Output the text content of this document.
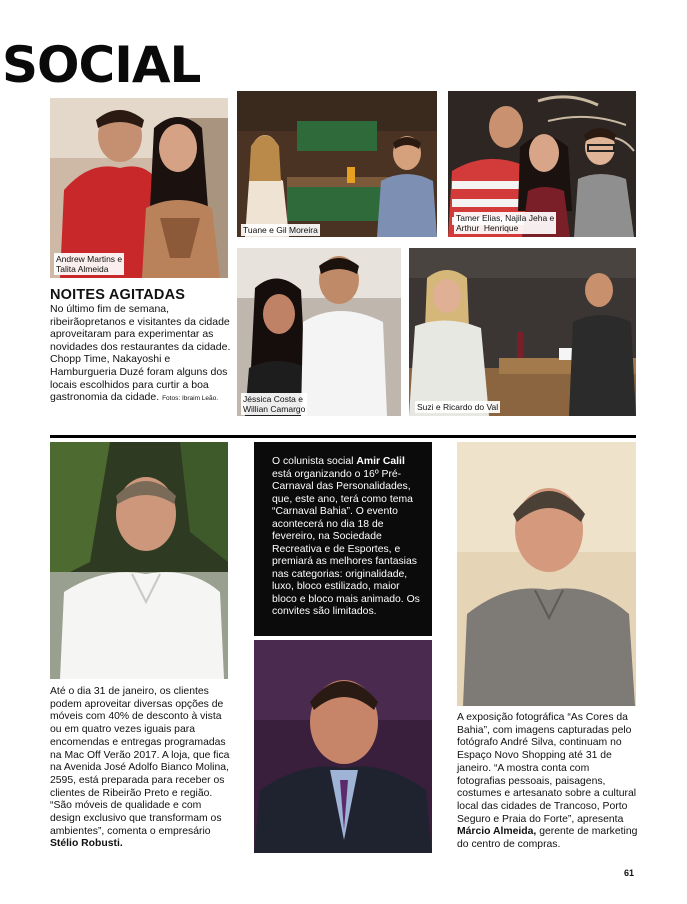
SOCIAL
Andrew Martins e
Talita Almeida
Tuane e Gil Moreira
Tamer Elias, Najila Jeha e
Arthur  Henrique
Jéssica Costa e
Willian Camargo	Suzi e Ricardo do Val
NOITES AGITADAS
No último fim de semana, ribeirãopretanos e visitantes da cidade aproveitaram para experimentar as novidades dos restaurantes da cidade. Chopp Time, Nakayoshi e Hamburgueria Duzé foram alguns dos locais escolhidos para curtir a boa gastronomia da cidade. Fotos: Ibraim Leão.
Até o dia 31 de janeiro, os clientes podem aproveitar diversas opções de móveis com 40% de desconto à vista ou em quatro vezes iguais para encomendas e entregas programadas na Mac Off Verão 2017. A loja, que fica na Avenida José Adolfo Bianco Molina, 2595, está preparada para receber os clientes de Ribeirão Preto e região. “São móveis de qualidade e com design exclusivo que transformam os ambientes”, comenta o empresário Stélio Robusti.
O colunista social Amir Calil está organizando o 16º Pré-Carnaval das Personalidades, que, este ano, terá como tema “Carnaval Bahia”. O evento acontecerá no dia 18 de fevereiro, na Sociedade Recreativa e de Esportes, e premiará as melhores fantasias nas categorias: originalidade, luxo, bloco estilizado, maior bloco e bloco mais animado. Os convites são limitados.
A exposição fotográfica “As Cores da Bahia”, com imagens capturadas pelo fotógrafo André Silva, continuam no Espaço Novo Shopping até 31 de janeiro. “A mostra conta com fotografias pessoais, paisagens, costumes e artesanato sobre a cultural local das cidades de Trancoso, Porto Seguro e Praia do Forte”, apresenta Márcio Almeida, gerente de marketing do centro de compras.
61
